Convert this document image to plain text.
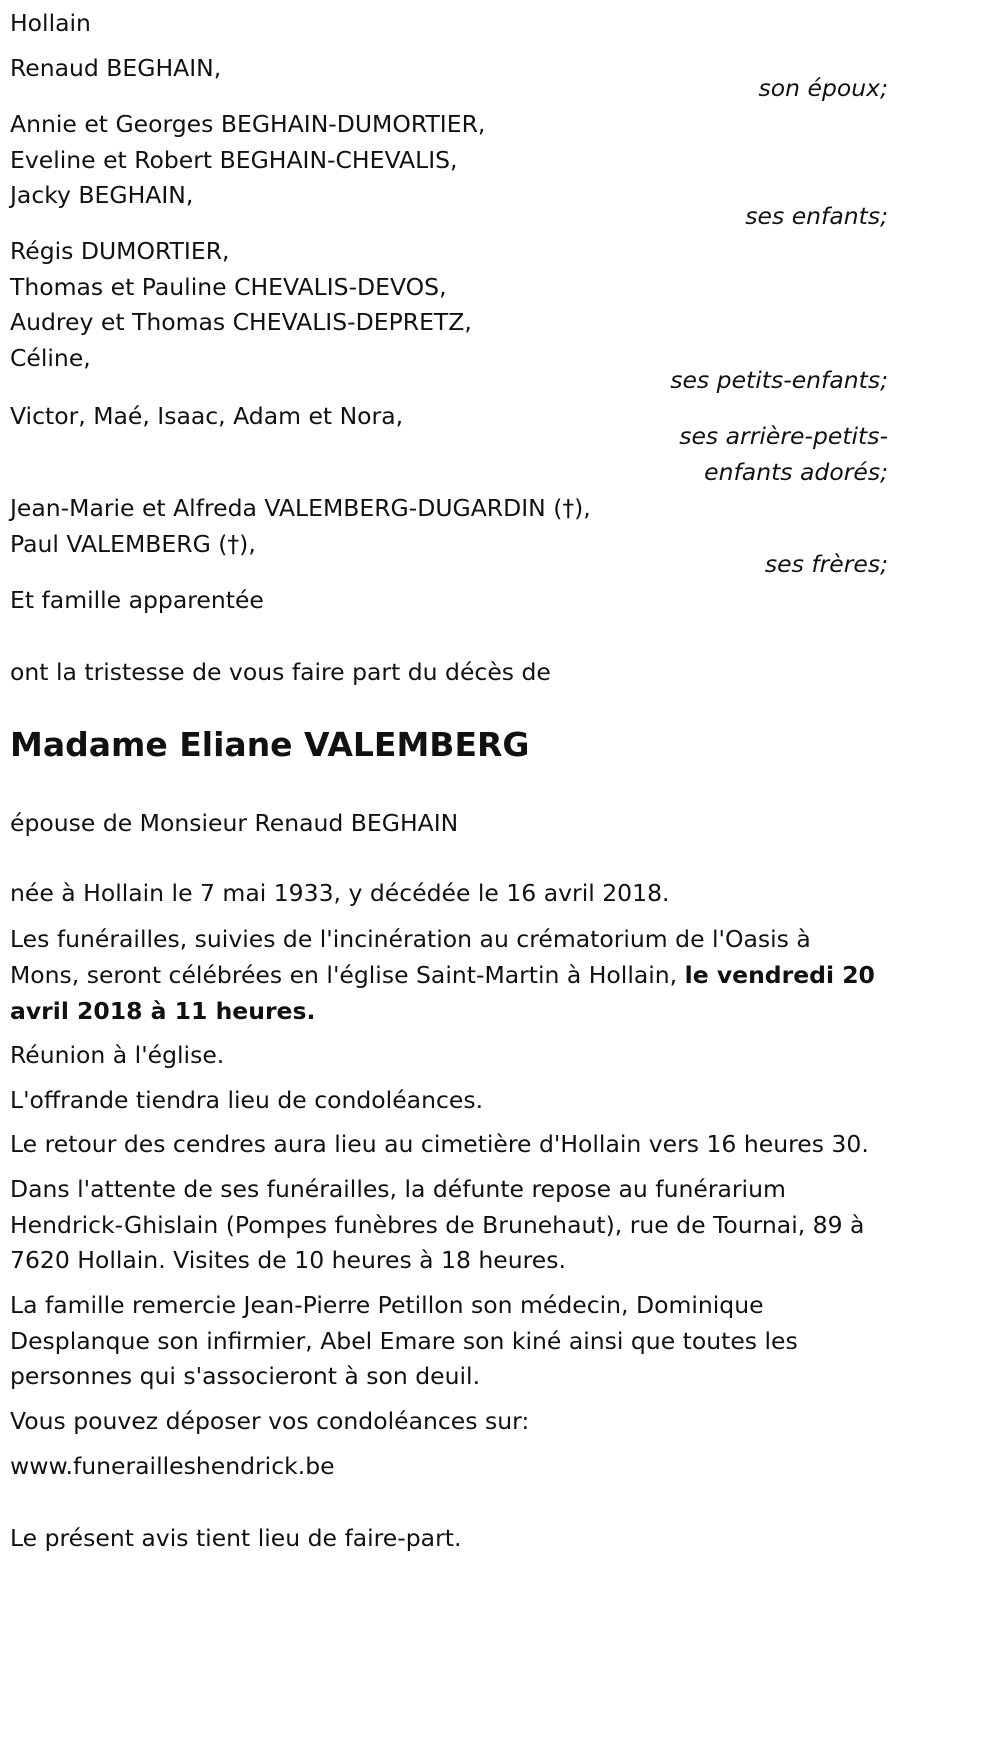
Hollain

Renaud BEGHAIN,

son époux;

Annie et Georges BEGHAIN-DUMORTIER,

Eveline et Robert BEGHAIN-CHEVALIS,

Jacky BEGHAIN,

ses enfants;

Régis DUMORTIER,

Thomas et Pauline CHEVALIS-DEVOS,

Audrey et Thomas CHEVALIS-DEPRETZ,

Céline,

ses petits-enfants;

Victor, Maé, Isaac, Adam et Nora,

ses arrière-petits-

enfants adorés;

Jean-Marie et Alfreda VALEMBERG-DUGARDIN (†),

Paul VALEMBERG (†),

ses frères;

Et famille apparentée

ont la tristesse de vous faire part du décès de

Madame Eliane VALEMBERG

épouse de Monsieur Renaud BEGHAIN

née à Hollain le 7 mai 1933, y décédée le 16 avril 2018.

Les funérailles, suivies de l'incinération au crématorium de l'Oasis à

Mons, seront célébrées en l'église Saint-Martin à Hollain, le vendredi 20

avril 2018 à 11 heures.

Réunion à l'église.

L'offrande tiendra lieu de condoléances.

Le retour des cendres aura lieu au cimetière d'Hollain vers 16 heures 30.

Dans l'attente de ses funérailles, la défunte repose au funérarium

Hendrick-Ghislain (Pompes funèbres de Brunehaut), rue de Tournai, 89 à

7620 Hollain. Visites de 10 heures à 18 heures.

La famille remercie Jean-Pierre Petillon son médecin, Dominique

Desplanque son infirmier, Abel Emare son kiné ainsi que toutes les

personnes qui s'associeront à son deuil.

Vous pouvez déposer vos condoléances sur:

www.funerailleshendrick.be

Le présent avis tient lieu de faire-part.
